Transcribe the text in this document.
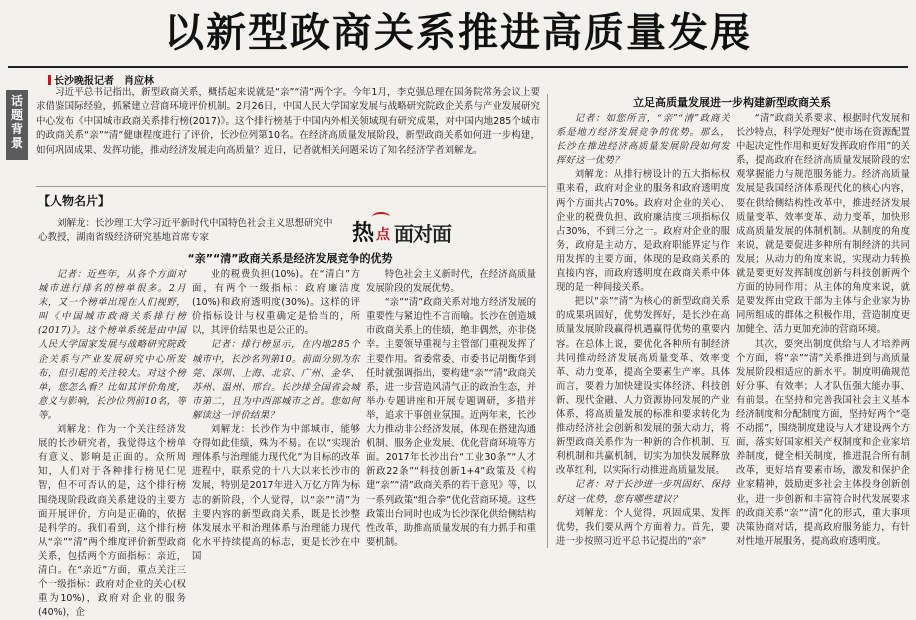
以新型政商关系推进高质量发展
长沙晚报记者　肖应林
话
题
背
景

习近平总书记指出，新型政商关系，概括起来说就是“亲”“清”两个字。今年1月，李克强总理在国务院常务会议上要求借鉴国际经验，抓紧建立营商环境评价机制。2月26日，中国人民大学国家发展与战略研究院政企关系与产业发展研究中心发布《中国城市政商关系排行榜(2017)》。这个排行榜基于中国内外相关领域现有研究成果，对中国内地285个城市的政商关系“亲”“清”健康程度进行了评价，长沙位列第10名。在经济高质量发展阶段，新型政商关系如何进一步构建，如何巩固成果、发挥功能，推动经济发展走向高质量？近日，记者就相关问题采访了知名经济学者刘解龙。

【人物名片】
刘解龙：长沙理工大学习近平新时代中国特色社会主义思想研究中心教授，湖南省级经济研究基地首席专家	热 点 面对面
“亲”“清”政商关系是经济发展竞争的优势

记者：近些年，从各个方面对城市进行排名的榜单很多。2月末，又一个榜单出现在人们视野，叫《中国城市政商关系排行榜(2017)》。这个榜单系统是由中国人民大学国家发展与战略研究院政企关系与产业发展研究中心所发布，但引起的关注较大。对这个榜单，您怎么看？比如其评价角度，意义与影响，长沙位列前10名，等等。

刘解龙：作为一个关注经济发展的长沙研究者，我觉得这个榜单有意义、影响是正面的。众所周知，人们对于各种排行榜见仁见智，但不可否认的是，这个排行榜围绕现阶段政商关系建设的主要方面开展评价，方向是正确的，依据是科学的。我们看到，这个排行榜从“亲”“清”两个维度评价新型政商关系，包括两个方面指标：亲近，清白。在“亲近”方面，重点关注三个一级指标：政府对企业的关心(权重为10%)，政府对企业的服务(40%)，企

业的税费负担(10%)。在“清白”方面，有两个一级指标：政府廉洁度(10%)和政府透明度(30%)。这样的评价指标设计与权重确定是恰当的，所以，其评价结果也是公正的。

记者：排行榜显示，在内地285个城市中，长沙名列第10。前面分别为东莞、深圳、上海、北京、广州、金华、苏州、温州、邢台。长沙排全国省会城市第二，且为中西部城市之首。您如何解读这一评价结果？

刘解龙：长沙作为中部城市，能够夺得如此佳绩，殊为不易。在以“实现治理体系与治理能力现代化”为目标的改革进程中，联系党的十八大以来长沙市的发展，特别是2017年进入万亿方阵为标志的新阶段，个人觉得，以“亲”“清”为主要内容的新型政商关系，既是长沙整体发展水平和治理体系与治理能力现代化水平持续提高的标志，更是长沙在中国

特色社会主义新时代，在经济高质量发展阶段的发展优势。

“亲”“清”政商关系对地方经济发展的重要性与紧迫性不言而喻。长沙在创造城市政商关系上的佳绩，绝非偶然，亦非侥幸。主要领导重视与主管部门重视发挥了主要作用。省委常委、市委书记胡衡华到任时就强调指出，要构建“亲”“清”政商关系，进一步营造风清气正的政治生态，并举办专题讲座和开展专题调研，多措并举，追求干事创业氛围。近两年来，长沙大力推动非公经济发展，体现在搭建沟通机制、服务企业发展、优化营商环境等方面。2017年长沙出台“工业30条”“人才新政22条”“科技创新1+4”政策及《构建“亲”“清”政商关系的若干意见》等，以一系列政策“组合拳”优化营商环境。这些政策出台同时也成为长沙深化供给侧结构性改革，助推高质量发展的有力抓手和重要机制。

立足高质量发展进一步构建新型政商关系

记者：如您所言，“亲”“清”政商关系是地方经济发展竞争的优势。那么，长沙在推进经济高质量发展阶段如何发挥好这一优势？

刘解龙：从排行榜设计的五大指标权重来看，政府对企业的服务和政府透明度两个方面共占70%。政府对企业的关心、企业的税费负担、政府廉洁度三项指标仅占30%，不到三分之一。政府对企业的服务，政府是主动方，是政府职能界定与作用发挥的主要方面，体现的是政商关系的直接内容，而政府透明度在政商关系中体现的是一种间接关系。

把以“亲”“清”为核心的新型政商关系的成果巩固好，优势发挥好，是长沙在高质量发展阶段赢得机遇赢得优势的重要内容。在总体上说，要优化各种所有制经济共同推动经济发展高质量变革、效率变革、动力变革，提高全要素生产率。具体而言，要着力加快建设实体经济、科技创新、现代金融、人力资源协同发展的产业体系，将高质量发展的标准和要求转化为推动经济社会创新和发展的强大动力，将新型政商关系作为一种新的合作机制、互利机制和共赢机制，切实为加快发展释放改革红利，以实际行动推进高质量发展。

记者：对于长沙进一步巩固好、保持好这一优势，您有哪些建议？

刘解龙：个人觉得，巩固成果、发挥优势，我们要从两个方面着力。首先，要进一步按照习近平总书记提出的“亲”

“清”政商关系要求、根据时代发展和长沙特点，科学处理好“使市场在资源配置中起决定性作用和更好发挥政府作用”的关系，提高政府在经济高质量发展阶段的宏观掌握能力与规范服务能力。经济高质量发展是我国经济体系现代化的核心内容，要在供给侧结构性改革中，推进经济发展质量变革、效率变革、动力变革，加快形成高质量发展的体制机制。从制度的角度来说，就是要促进多种所有制经济的共同发展；从动力的角度来说，实现动力转换就是要更好发挥制度创新与科技创新两个方面的协同作用；从主体的角度来说，就是要发挥由党政干部为主体与企业家为协同所组成的群体之积极作用，营造制度更加健全、活力更加充沛的营商环境。

其次，要突出制度供给与人才培养两个方面，将“亲”“清”关系推进到与高质量发展阶段相适应的新水平。制度明确规范好分事、有效率；人才队伍强大能办事、有前景。在坚持和完善我国社会主义基本经济制度和分配制度方面，坚持好两个“毫不动摇”，围绕制度建设与人才建设两个方面，落实好国家相关产权制度和企业家培养制度，健全相关制度，推进混合所有制改革，更好培育要素市场，激发和保护企业家精神，鼓励更多社会主体投身创新创业，进一步创新和丰富符合时代发展要求的政商关系“亲”“清”化的形式，重大事项决策协商对话，提高政府服务能力，有针对性地开展服务，提高政府透明度。
